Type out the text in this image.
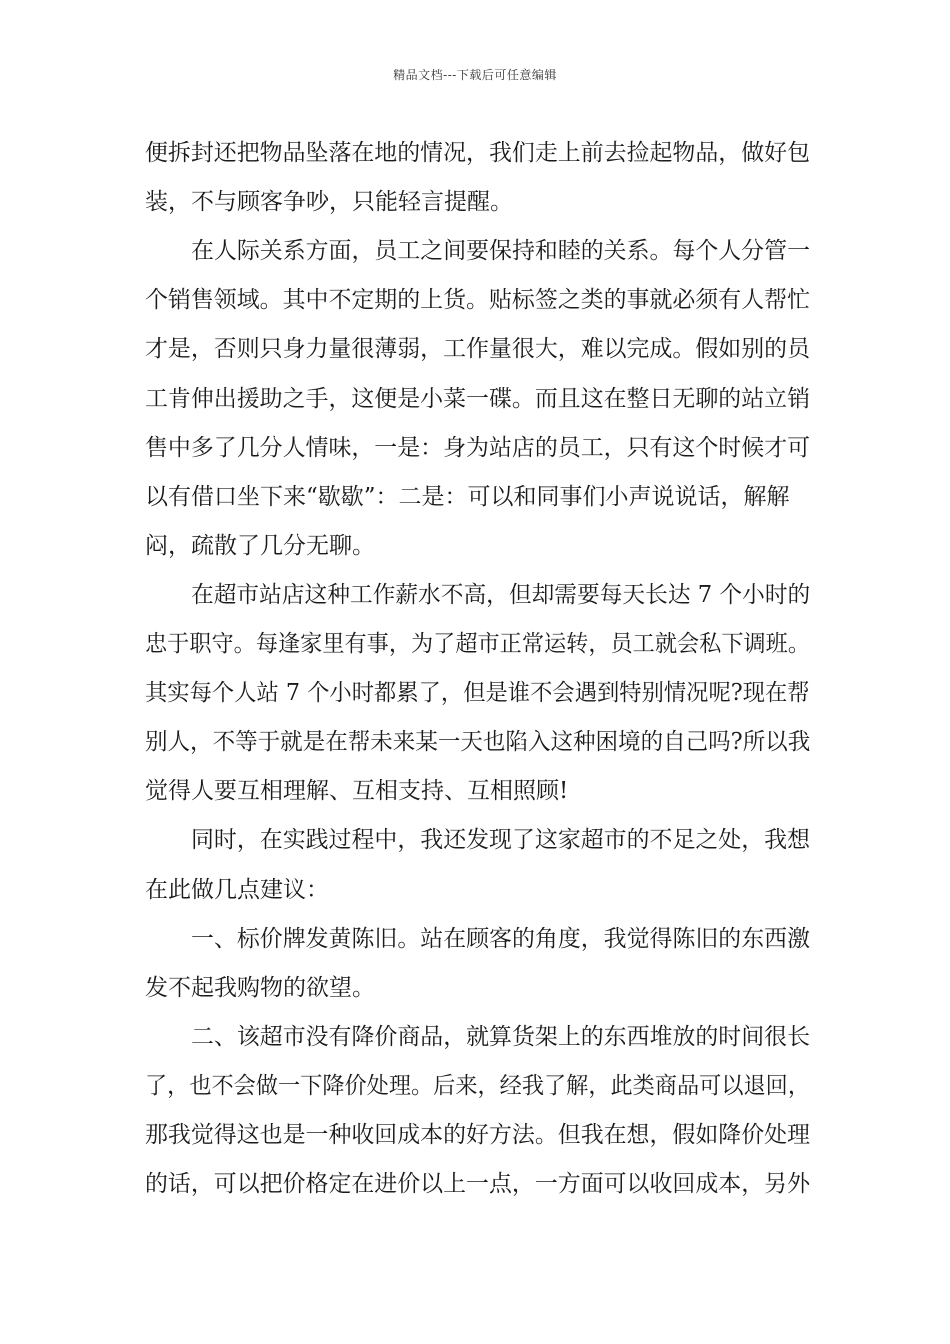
精品文档---下载后可任意编辑
便拆封还把物品坠落在地的情况，我们走上前去捡起物品，做好包
装，不与顾客争吵，只能轻言提醒。
在人际关系方面，员工之间要保持和睦的关系。每个人分管一
个销售领域。其中不定期的上货。贴标签之类的事就必须有人帮忙
才是，否则只身力量很薄弱，工作量很大，难以完成。假如别的员
工肯伸出援助之手，这便是小菜一碟。而且这在整日无聊的站立销
售中多了几分人情味，一是：身为站店的员工，只有这个时候才可
以有借口坐下来“歇歇”：二是：可以和同事们小声说说话，解解
闷，疏散了几分无聊。
在超市站店这种工作薪水不高，但却需要每天长达 7 个小时的
忠于职守。每逢家里有事，为了超市正常运转，员工就会私下调班。
其实每个人站 7 个小时都累了，但是谁不会遇到特别情况呢?现在帮
别人，不等于就是在帮未来某一天也陷入这种困境的自己吗?所以我
觉得人要互相理解、互相支持、互相照顾!
同时，在实践过程中，我还发现了这家超市的不足之处，我想
在此做几点建议：
一、标价牌发黄陈旧。站在顾客的角度，我觉得陈旧的东西激
发不起我购物的欲望。
二、该超市没有降价商品，就算货架上的东西堆放的时间很长
了，也不会做一下降价处理。后来，经我了解，此类商品可以退回，
那我觉得这也是一种收回成本的好方法。但我在想，假如降价处理
的话，可以把价格定在进价以上一点，一方面可以收回成本，另外
